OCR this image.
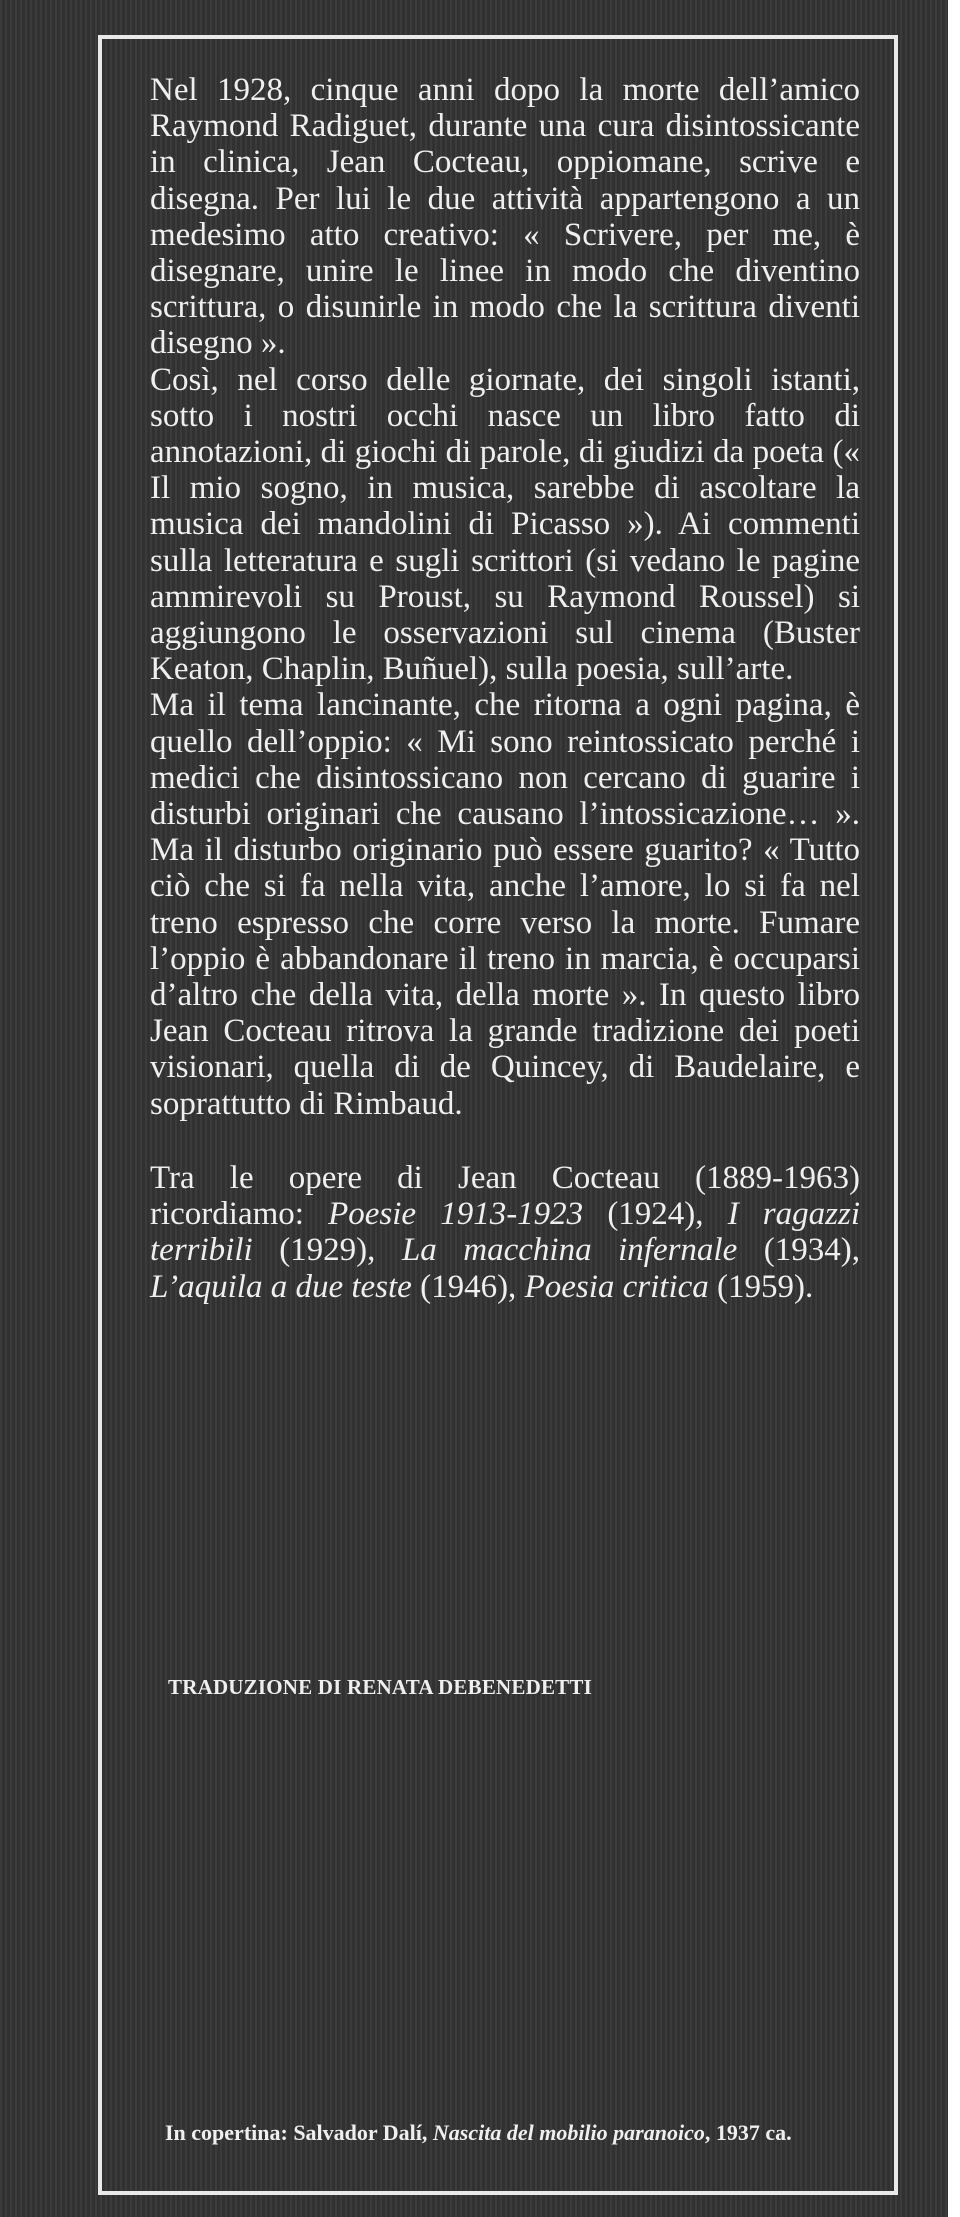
Nel 1928, cinque anni dopo la morte dell’amico Raymond Radiguet, durante una cura disintossicante in clinica, Jean Cocteau, oppiomane, scrive e disegna. Per lui le due attività appartengono a un medesimo atto creativo: « Scrivere, per me, è disegnare, unire le linee in modo che diventino scrittura, o disunirle in modo che la scrittura diventi disegno ».

Così, nel corso delle giornate, dei singoli istanti, sotto i nostri occhi nasce un libro fatto di annotazioni, di giochi di parole, di giudizi da poeta (« Il mio sogno, in musica, sarebbe di ascoltare la musica dei mandolini di Picasso »). Ai commenti sulla letteratura e sugli scrittori (si vedano le pagine ammirevoli su Proust, su Raymond Roussel) si aggiungono le osservazioni sul cinema (Buster Keaton, Chaplin, Buñuel), sulla poesia, sull’arte.

Ma il tema lancinante, che ritorna a ogni pagina, è quello dell’oppio: « Mi sono reintossicato perché i medici che disintossicano non cercano di guarire i disturbi originari che causano l’intossicazione… ». Ma il disturbo originario può essere guarito? « Tutto ciò che si fa nella vita, anche l’amore, lo si fa nel treno espresso che corre verso la morte. Fumare l’oppio è abbandonare il treno in marcia, è occuparsi d’altro che della vita, della morte ». In questo libro Jean Cocteau ritrova la grande tradizione dei poeti visionari, quella di de Quincey, di Baudelaire, e soprattutto di Rimbaud.

Tra le opere di Jean Cocteau (1889-1963) ricordiamo: Poesie 1913-1923 (1924), I ragazzi terribili (1929), La macchina infernale (1934), L’aquila a due teste (1946), Poesia critica (1959).

TRADUZIONE DI RENATA DEBENEDETTI
In copertina: Salvador Dalí, Nascita del mobilio paranoico, 1937 ca.
